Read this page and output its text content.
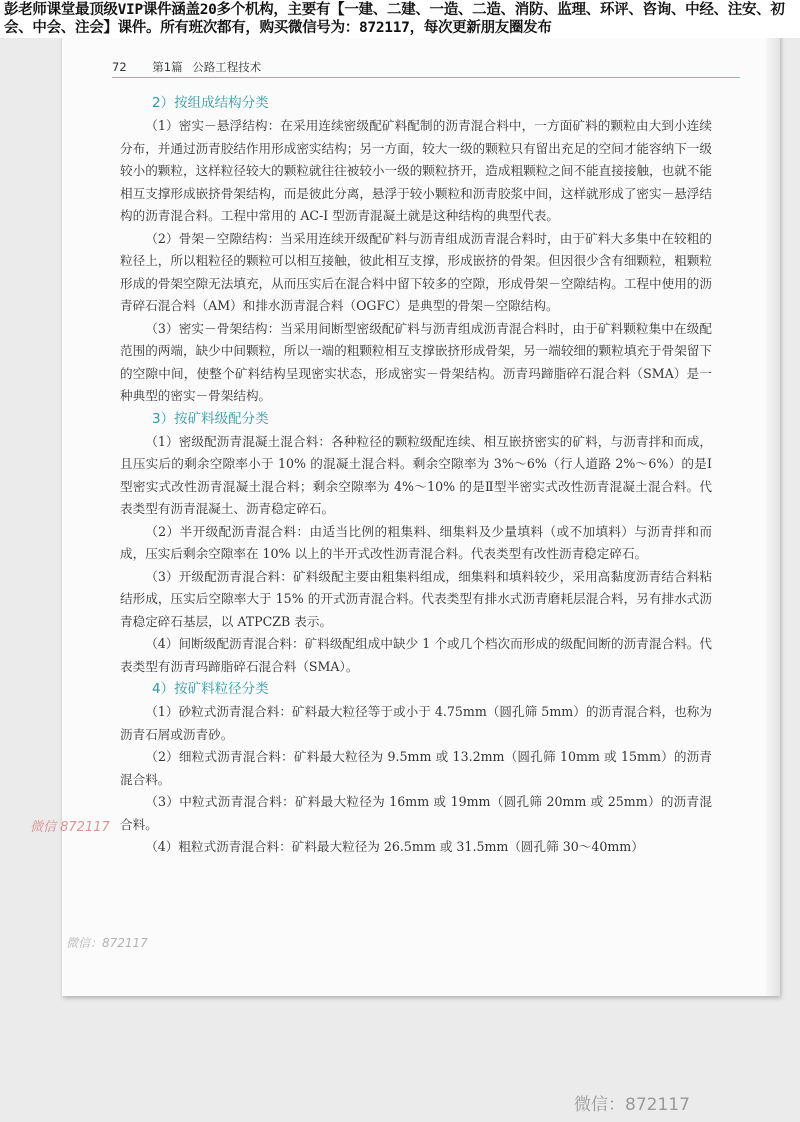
彭老师课堂最顶级VIP课件涵盖20多个机构，主要有【一建、二建、一造、二造、消防、监理、环评、咨询、中经、注安、初会、中会、注会】课件。所有班次都有，购买微信号为：872117，每次更新朋友圈发布

72 第1篇 公路工程技术
2）按组成结构分类

（1）密实－悬浮结构：在采用连续密级配矿料配制的沥青混合料中，一方面矿料的颗粒由大到小连续分布，并通过沥青胶结作用形成密实结构；另一方面，较大一级的颗粒只有留出充足的空间才能容纳下一级较小的颗粒，这样粒径较大的颗粒就往往被较小一级的颗粒挤开，造成粗颗粒之间不能直接接触，也就不能相互支撑形成嵌挤骨架结构，而是彼此分离，悬浮于较小颗粒和沥青胶浆中间，这样就形成了密实－悬浮结构的沥青混合料。工程中常用的 AC-I 型沥青混凝土就是这种结构的典型代表。

（2）骨架－空隙结构：当采用连续开级配矿料与沥青组成沥青混合料时，由于矿料大多集中在较粗的粒径上，所以粗粒径的颗粒可以相互接触，彼此相互支撑，形成嵌挤的骨架。但因很少含有细颗粒，粗颗粒形成的骨架空隙无法填充，从而压实后在混合料中留下较多的空隙，形成骨架－空隙结构。工程中使用的沥青碎石混合料（AM）和排水沥青混合料（OGFC）是典型的骨架－空隙结构。

（3）密实－骨架结构：当采用间断型密级配矿料与沥青组成沥青混合料时，由于矿料颗粒集中在级配范围的两端，缺少中间颗粒，所以一端的粗颗粒相互支撑嵌挤形成骨架，另一端较细的颗粒填充于骨架留下的空隙中间，使整个矿料结构呈现密实状态，形成密实－骨架结构。沥青玛蹄脂碎石混合料（SMA）是一种典型的密实－骨架结构。

3）按矿料级配分类

（1）密级配沥青混凝土混合料：各种粒径的颗粒级配连续、相互嵌挤密实的矿料，与沥青拌和而成，且压实后的剩余空隙率小于 10% 的混凝土混合料。剩余空隙率为 3%～6%（行人道路 2%～6%）的是Ⅰ型密实式改性沥青混凝土混合料；剩余空隙率为 4%～10% 的是Ⅱ型半密实式改性沥青混凝土混合料。代表类型有沥青混凝土、沥青稳定碎石。

（2）半开级配沥青混合料：由适当比例的粗集料、细集料及少量填料（或不加填料）与沥青拌和而成，压实后剩余空隙率在 10% 以上的半开式改性沥青混合料。代表类型有改性沥青稳定碎石。

（3）开级配沥青混合料：矿料级配主要由粗集料组成，细集料和填料较少，采用高黏度沥青结合料粘结形成，压实后空隙率大于 15% 的开式沥青混合料。代表类型有排水式沥青磨耗层混合料，另有排水式沥青稳定碎石基层，以 ATPCZB 表示。

（4）间断级配沥青混合料：矿料级配组成中缺少 1 个或几个档次而形成的级配间断的沥青混合料。代表类型有沥青玛蹄脂碎石混合料（SMA）。

4）按矿料粒径分类

（1）砂粒式沥青混合料：矿料最大粒径等于或小于 4.75mm（圆孔筛 5mm）的沥青混合料，也称为沥青石屑或沥青砂。

（2）细粒式沥青混合料：矿料最大粒径为 9.5mm 或 13.2mm（圆孔筛 10mm 或 15mm）的沥青混合料。

（3）中粒式沥青混合料：矿料最大粒径为 16mm 或 19mm（圆孔筛 20mm 或 25mm）的沥青混合料。

（4）粗粒式沥青混合料：矿料最大粒径为 26.5mm 或 31.5mm（圆孔筛 30～40mm）

微信 872117
微信：872117
微信：872117
